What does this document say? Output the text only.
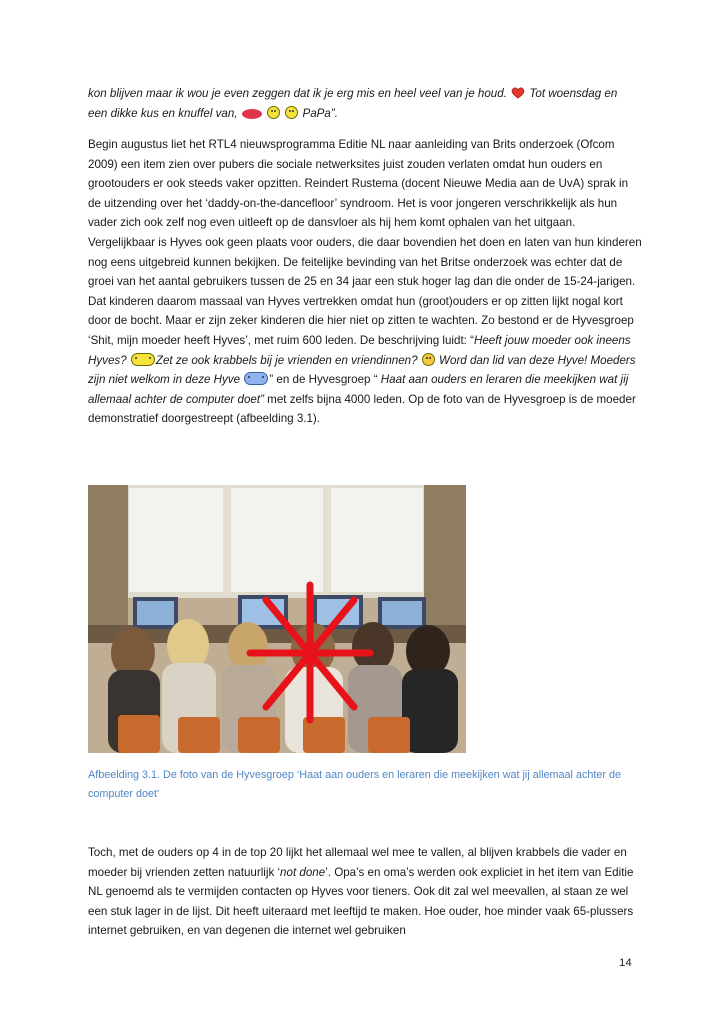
kon blijven maar ik wou je even zeggen dat ik je erg mis en heel veel van je houd. Tot woensdag en
een dikke kus en knuffel van,	PaPa”.

Begin augustus liet het RTL4 nieuwsprogramma Editie NL naar aanleiding van Brits onderzoek (Ofcom 2009) een item zien over pubers die sociale netwerksites juist zouden verlaten omdat hun ouders en grootouders er ook steeds vaker opzitten. Reindert Rustema (docent Nieuwe Media aan de UvA) sprak in de uitzending over het ‘daddy-on-the-dancefloor’ syndroom. Het is voor jongeren verschrikkelijk als hun vader zich ook zelf nog even uitleeft op de dansvloer als hij hem komt ophalen van het uitgaan. Vergelijkbaar is Hyves ook geen plaats voor ouders, die daar bovendien het doen en laten van hun kinderen nog eens uitgebreid kunnen bekijken. De feitelijke bevinding van het Britse onderzoek was echter dat de groei van het aantal gebruikers tussen de 25 en 34 jaar een stuk hoger lag dan die onder de 15-24-jarigen. Dat kinderen daarom massaal van Hyves vertrekken omdat hun (groot)ouders er op zitten lijkt nogal kort door de bocht. Maar er zijn zeker kinderen die hier niet op zitten te wachten. Zo bestond er de Hyvesgroep ‘Shit, mijn moeder heeft Hyves’, met ruim 600 leden. De beschrijving luidt: “Heeft jouw moeder ook ineens Hyves?	Zet ze ook krabbels bij je vrienden en vriendinnen? Word dan lid van deze Hyve! Moeders zijn niet welkom in deze Hyve	” en de Hyvesgroep “ Haat aan ouders en leraren die meekijken wat jij allemaal achter de computer doet” met zelfs bijna 4000 leden. Op de foto van de Hyvesgroep is de moeder demonstratief doorgestreept (afbeelding 3.1).

Afbeelding 3.1. De foto van de Hyvesgroep ‘Haat aan ouders en leraren die meekijken wat jij allemaal achter de computer doet’

Toch, met de ouders op 4 in de top 20 lijkt het allemaal wel mee te vallen, al blijven krabbels die vader en moeder bij vrienden zetten natuurlijk ‘not done’. Opa’s en oma’s werden ook expliciet in het item van Editie NL genoemd als te vermijden contacten op Hyves voor tieners. Ook dit zal wel meevallen, al staan ze wel een stuk lager in de lijst. Dit heeft uiteraard met leeftijd te maken. Hoe ouder, hoe minder vaak 65-plussers internet gebruiken, en van degenen die internet wel gebruiken

14
